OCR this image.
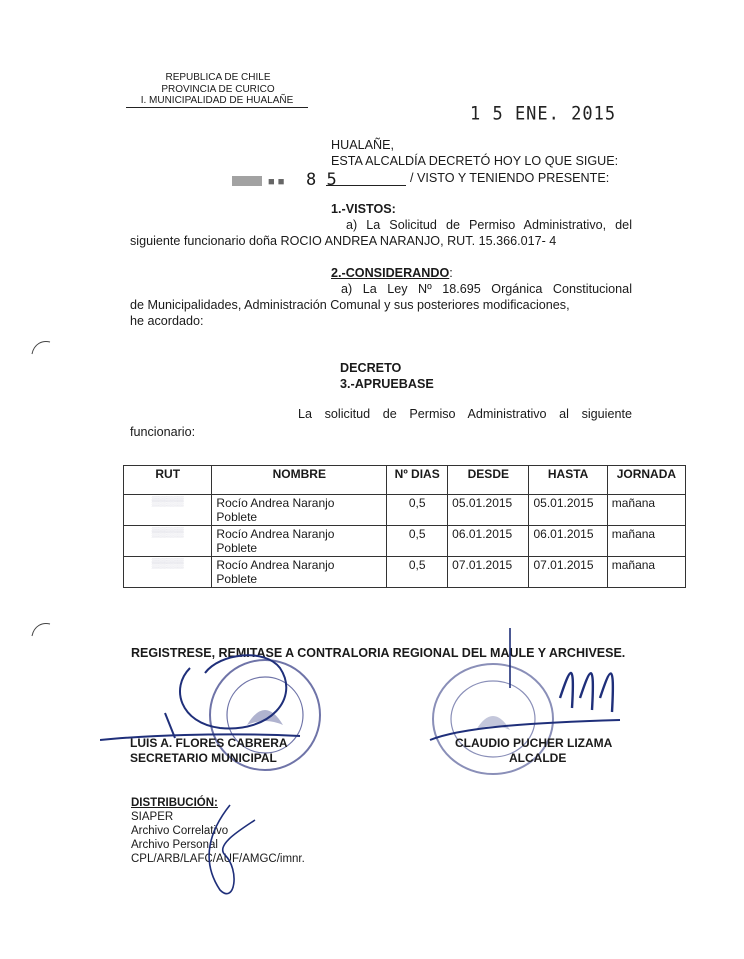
REPUBLICA DE CHILE
PROVINCIA DE CURICO
I. MUNICIPALIDAD DE HUALAÑE
1 5 ENE. 2015
HUALAÑE,
ESTA ALCALDÍA DECRETÓ HOY LO QUE SIGUE:
■ ■ 8 5	/ VISTO Y TENIENDO PRESENTE:
1.-VISTOS:
a) La Solicitud de Permiso Administrativo, del
siguiente funcionario doña ROCIO ANDREA NARANJO, RUT. 15.366.017- 4
2.-CONSIDERANDO:
a) La Ley Nº 18.695 Orgánica Constitucional
de Municipalidades, Administración Comunal y sus posteriores modificaciones,
he acordado:
DECRETO
3.-APRUEBASE
La solicitud de Permiso Administrativo al siguiente
funcionario:
RUT	NOMBRE	Nº DIAS	DESDE	HASTA	JORNADA
▒▒▒▒▒	Rocío Andrea Naranjo
Poblete	0,5	05.01.2015	05.01.2015	mañana
▒▒▒▒▒	Rocío Andrea Naranjo
Poblete	0,5	06.01.2015	06.01.2015	mañana
▒▒▒▒▒	Rocío Andrea Naranjo
Poblete	0,5	07.01.2015	07.01.2015	mañana
REGISTRESE, REMITASE A CONTRALORIA REGIONAL DEL MAULE Y ARCHIVESE.
LUIS A. FLORES CABRERA
SECRETARIO MUNICIPAL
CLAUDIO PUCHER LIZAMA
ALCALDE
DISTRIBUCIÓN:
SIAPER
Archivo Correlativo
Archivo Personal
CPL/ARB/LAFC/AUF/AMGC/imnr.
